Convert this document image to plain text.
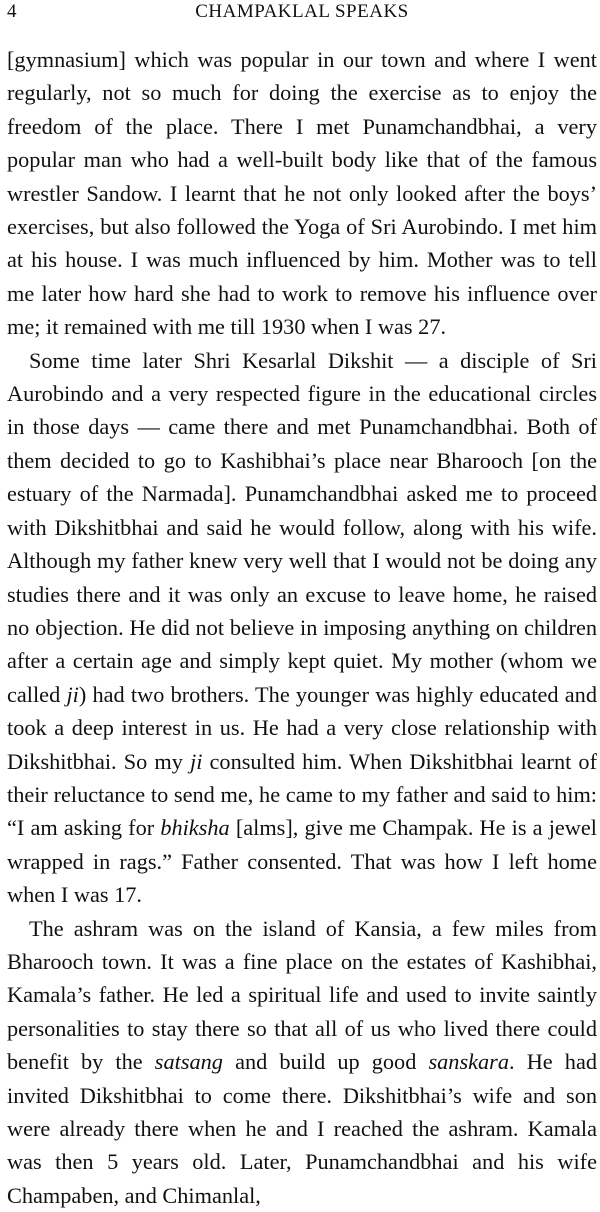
4	CHAMPAKLAL SPEAKS

[gymnasium] which was popular in our town and where I went regularly, not so much for doing the exercise as to enjoy the freedom of the place. There I met Punamchandbhai, a very popular man who had a well-built body like that of the famous wrestler Sandow. I learnt that he not only looked after the boys’ exercises, but also followed the Yoga of Sri Aurobindo. I met him at his house. I was much influenced by him. Mother was to tell me later how hard she had to work to remove his influence over me; it remained with me till 1930 when I was 27.

Some time later Shri Kesarlal Dikshit — a disciple of Sri Aurobindo and a very respected figure in the educational circles in those days — came there and met Punamchandbhai. Both of them decided to go to Kashibhai’s place near Bharooch [on the estuary of the Narmada]. Punamchandbhai asked me to proceed with Dikshitbhai and said he would follow, along with his wife. Although my father knew very well that I would not be doing any studies there and it was only an excuse to leave home, he raised no objection. He did not believe in imposing anything on children after a certain age and simply kept quiet. My mother (whom we called ji) had two brothers. The younger was highly educated and took a deep interest in us. He had a very close relationship with Dikshitbhai. So my ji consulted him. When Dikshitbhai learnt of their reluctance to send me, he came to my father and said to him: “I am asking for bhiksha [alms], give me Champak. He is a jewel wrapped in rags.” Father consented. That was how I left home when I was 17.

The ashram was on the island of Kansia, a few miles from Bharooch town. It was a fine place on the estates of Kashibhai, Kamala’s father. He led a spiritual life and used to invite saintly personalities to stay there so that all of us who lived there could benefit by the satsang and build up good sanskara. He had invited Dikshitbhai to come there. Dikshitbhai’s wife and son were already there when he and I reached the ashram. Kamala was then 5 years old. Later, Punamchandbhai and his wife Champaben, and Chimanlal,
